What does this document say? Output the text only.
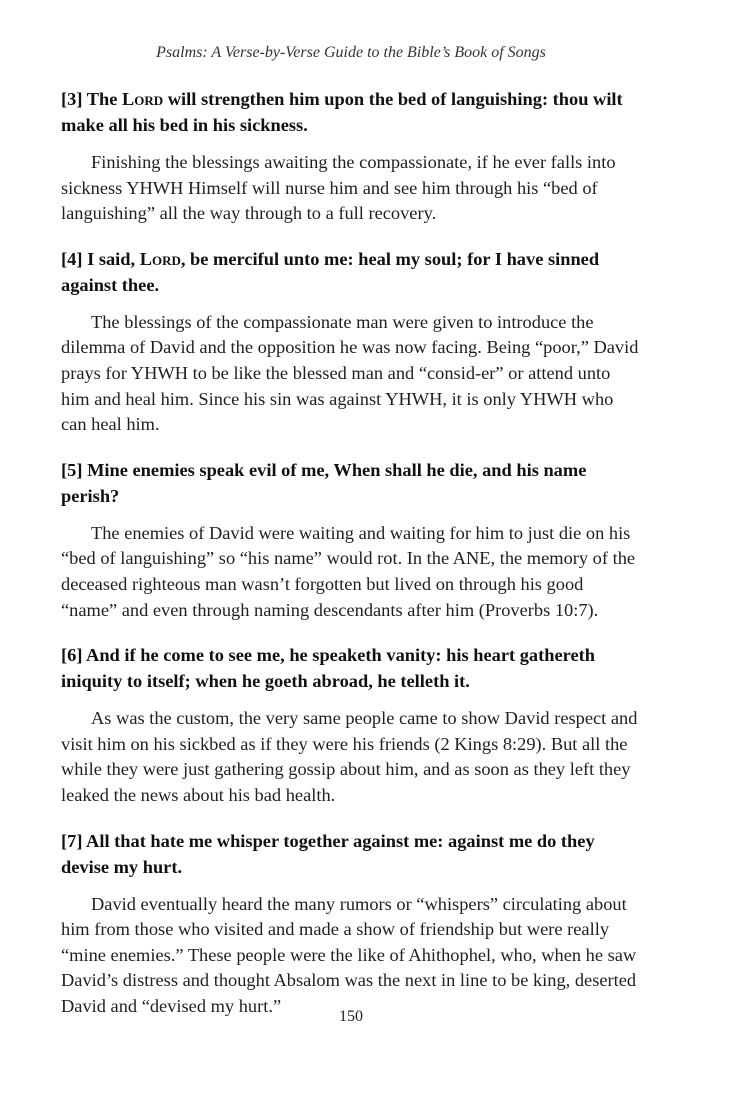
Psalms: A Verse-by-Verse Guide to the Bible’s Book of Songs

[3] The Lord will strengthen him upon the bed of languishing: thou wilt make all his bed in his sickness.

Finishing the blessings awaiting the compassionate, if he ever falls into sickness YHWH Himself will nurse him and see him through his “bed of languishing” all the way through to a full recovery.

[4] I said, Lord, be merciful unto me: heal my soul; for I have sinned against thee.

The blessings of the compassionate man were given to introduce the dilemma of David and the opposition he was now facing. Being “poor,” David prays for YHWH to be like the blessed man and “consid-er” or attend unto him and heal him. Since his sin was against YHWH, it is only YHWH who can heal him.

[5] Mine enemies speak evil of me, When shall he die, and his name perish?

The enemies of David were waiting and waiting for him to just die on his “bed of languishing” so “his name” would rot. In the ANE, the memory of the deceased righteous man wasn’t forgotten but lived on through his good “name” and even through naming descendants after him (Proverbs 10:7).

[6] And if he come to see me, he speaketh vanity: his heart gathereth iniquity to itself; when he goeth abroad, he telleth it.

As was the custom, the very same people came to show David respect and visit him on his sickbed as if they were his friends (2 Kings 8:29). But all the while they were just gathering gossip about him, and as soon as they left they leaked the news about his bad health.

[7] All that hate me whisper together against me: against me do they devise my hurt.

David eventually heard the many rumors or “whispers” circulating about him from those who visited and made a show of friendship but were really “mine enemies.” These people were the like of Ahithophel, who, when he saw David’s distress and thought Absalom was the next in line to be king, deserted David and “devised my hurt.”

150
